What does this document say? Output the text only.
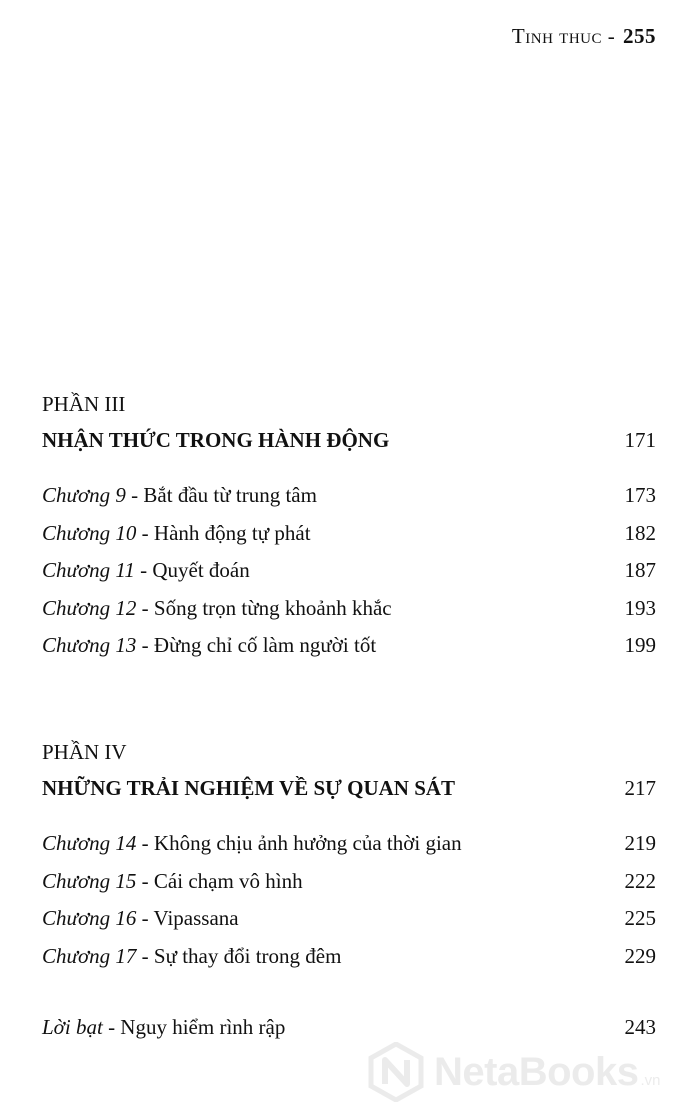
Tinh thuc - 255
PHẦN III
NHẬN THỨC TRONG HÀNH ĐỘNG	171
Chương 9 - Bắt đầu từ trung tâm	173
Chương 10 - Hành động tự phát	182
Chương 11 - Quyết đoán	187
Chương 12 - Sống trọn từng khoảnh khắc	193
Chương 13 - Đừng chỉ cố làm người tốt	199
PHẦN IV
NHỮNG TRẢI NGHIỆM VỀ SỰ QUAN SÁT	217
Chương 14 - Không chịu ảnh hưởng của thời gian	219
Chương 15 - Cái chạm vô hình	222
Chương 16 - Vipassana	225
Chương 17 - Sự thay đổi trong đêm	229
Lời bạt - Nguy hiểm rình rập	243
NetaBooks .vn
